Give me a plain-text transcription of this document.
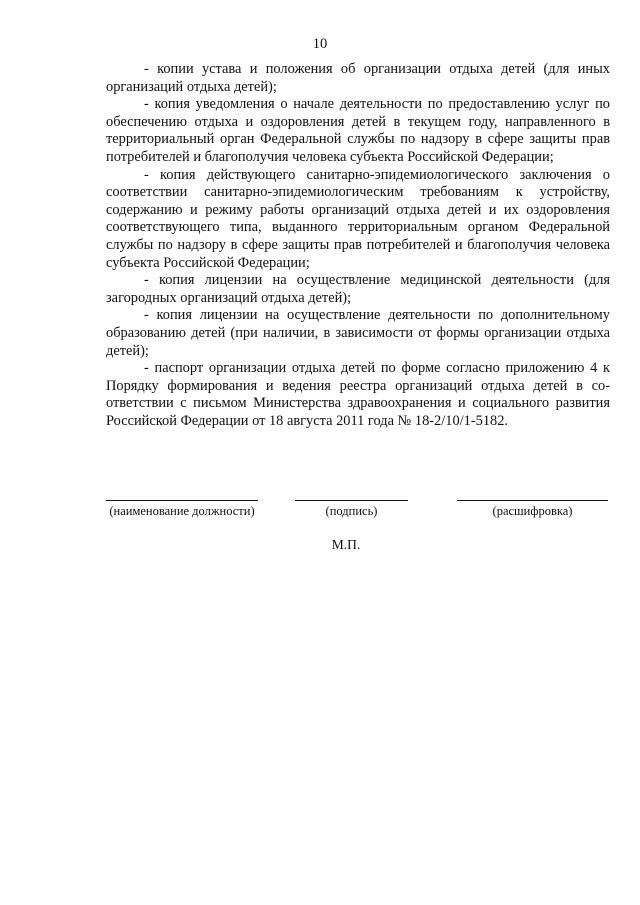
10

- копии устава и положения об организации отдыха детей (для иных организаций отдыха детей);

- копия уведомления о начале деятельности по предоставлению услуг по обеспечению отдыха и оздоровления детей в текущем году, направленного в территориальный орган Федеральной службы по надзору в сфере защиты прав потребителей и благополучия человека субъекта Российской Федерации;

- копия действующего санитарно-эпидемиологического заключения о соответствии санитарно-эпидемиологическим требованиям к устройству, содержанию и режиму работы организаций отдыха детей и их оздоровления соответствующего типа, выданного территориальным органом Федеральной службы по надзору в сфере защиты прав потребителей и благополучия человека субъекта Российской Федерации;

- копия лицензии на осуществление медицинской деятельности (для загородных организаций отдыха детей);

- копия лицензии на осуществление деятельности по дополнительному образованию детей (при наличии, в зависимости от формы организации отдыха детей);

- паспорт организации отдыха детей по форме согласно приложению 4 к Порядку формирования и ведения реестра организаций отдыха детей в соответствии с письмом Министерства здравоохранения и социального развития Российской Федерации от 18 августа 2011 года № 18-2/10/1-5182.

(наименование должности)	(подпись)	(расшифровка)
М.П.
